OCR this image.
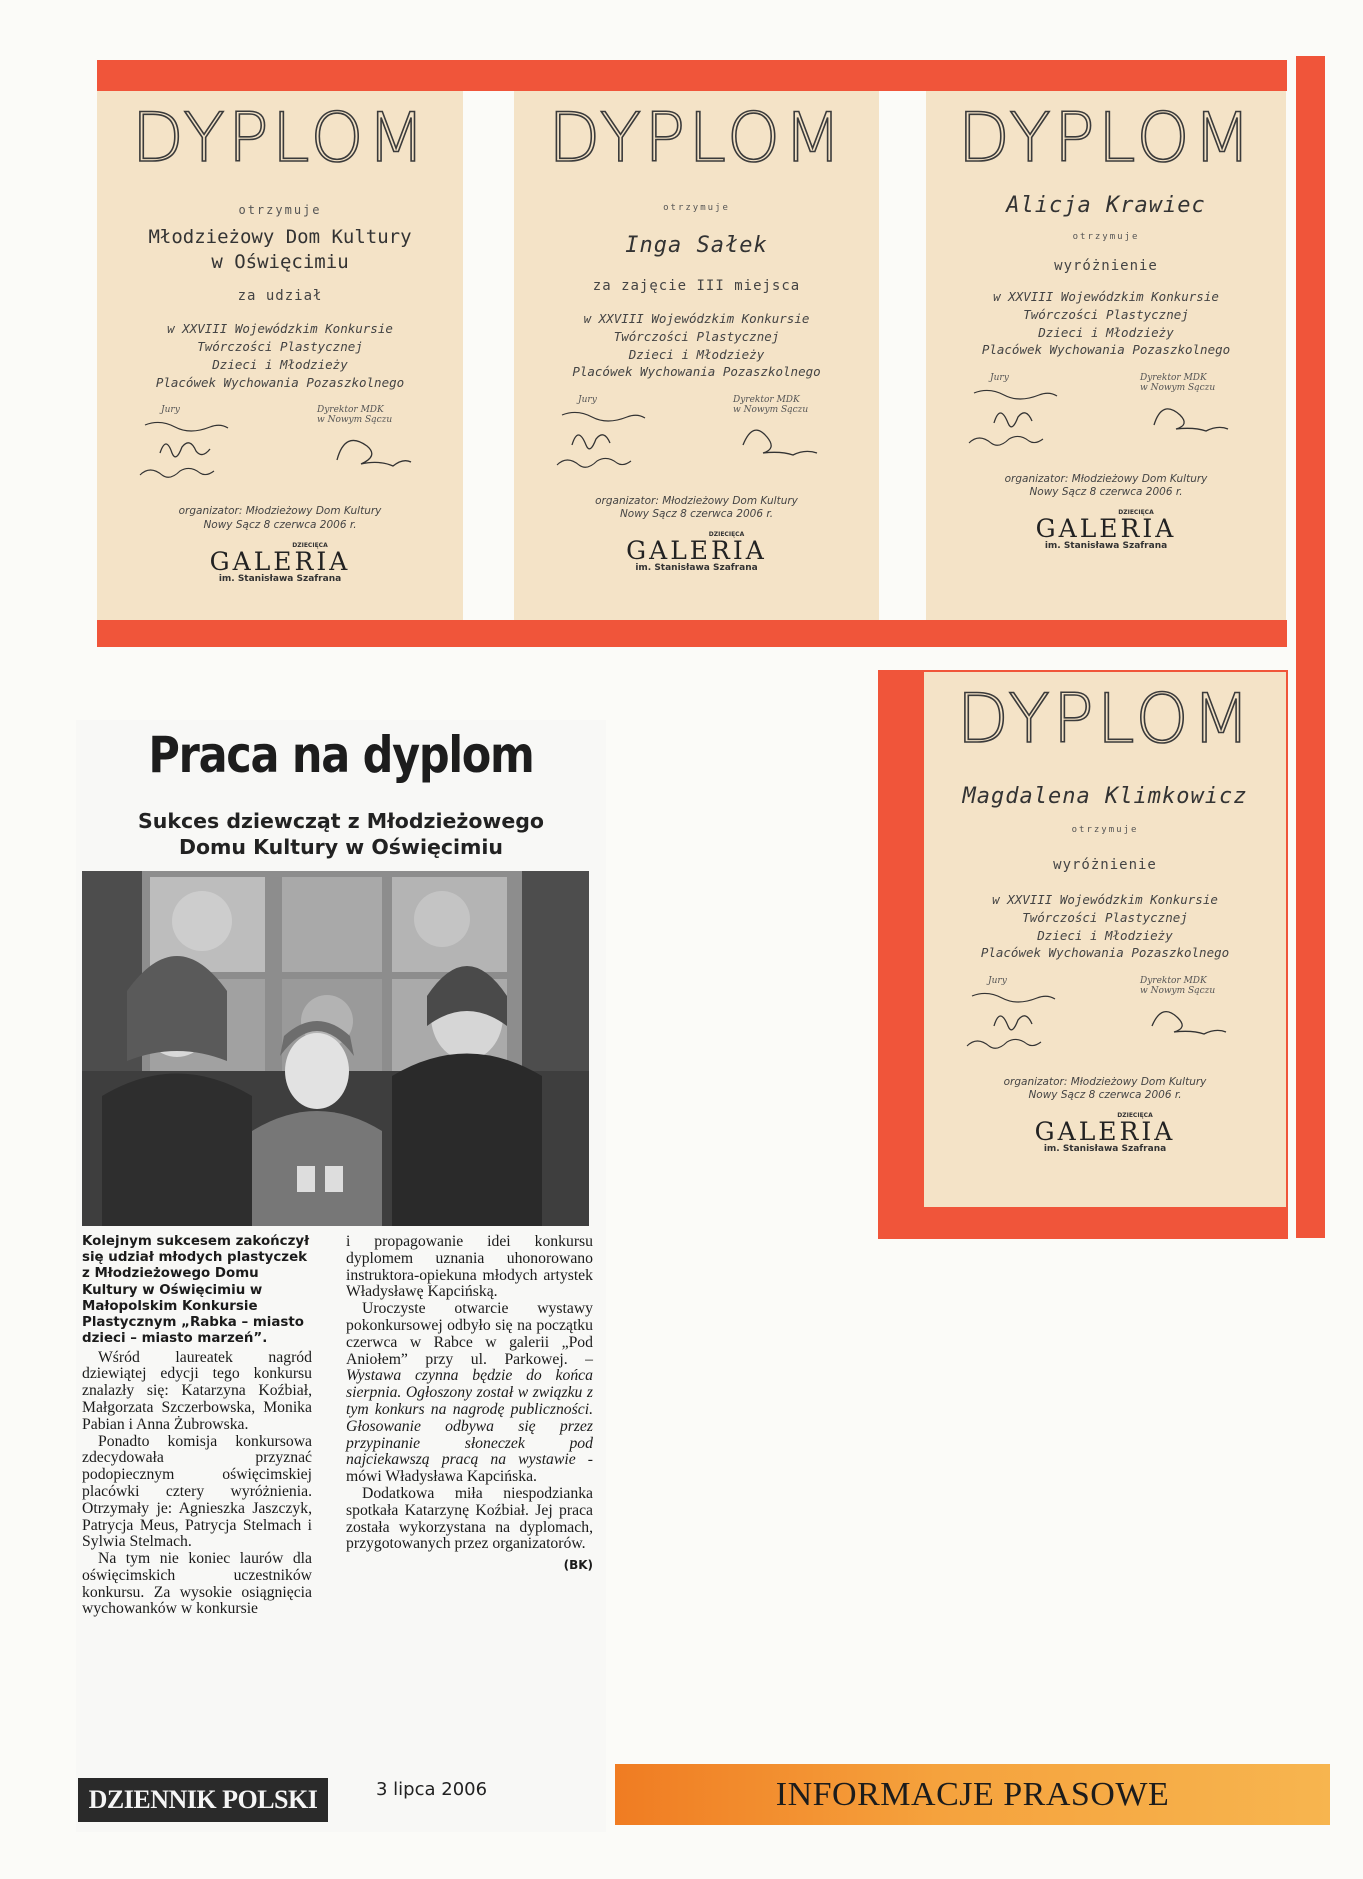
DYPLOM
otrzymuje
Młodzieżowy Dom Kultury
w Oświęcimiu
za udział
w XXVIII Wojewódzkim Konkursie
Twórczości Plastycznej
Dzieci i Młodzieży
Placówek Wychowania Pozaszkolnego
Jury	Dyrektor MDK
w Nowym Sączu
organizator: Młodzieżowy Dom Kultury
Nowy Sącz 8 czerwca 2006 r.
DZIECIĘCA
GALERIA
im. Stanisława Szafrana
DYPLOM
otrzymuje
Inga Sałek
za zajęcie III miejsca
w XXVIII Wojewódzkim Konkursie
Twórczości Plastycznej
Dzieci i Młodzieży
Placówek Wychowania Pozaszkolnego
Jury	Dyrektor MDK
w Nowym Sączu
organizator: Młodzieżowy Dom Kultury
Nowy Sącz 8 czerwca 2006 r.
DZIECIĘCA
GALERIA
im. Stanisława Szafrana
DYPLOM
Alicja Krawiec
otrzymuje
wyróżnienie
w XXVIII Wojewódzkim Konkursie
Twórczości Plastycznej
Dzieci i Młodzieży
Placówek Wychowania Pozaszkolnego
Jury	Dyrektor MDK
w Nowym Sączu
organizator: Młodzieżowy Dom Kultury
Nowy Sącz 8 czerwca 2006 r.
DZIECIĘCA
GALERIA
im. Stanisława Szafrana
DYPLOM
Magdalena Klimkowicz
otrzymuje
wyróżnienie
w XXVIII Wojewódzkim Konkursie
Twórczości Plastycznej
Dzieci i Młodzieży
Placówek Wychowania Pozaszkolnego
Jury	Dyrektor MDK
w Nowym Sączu
organizator: Młodzieżowy Dom Kultury
Nowy Sącz 8 czerwca 2006 r.
DZIECIĘCA
GALERIA
im. Stanisława Szafrana
Praca na dyplom
Sukces dziewcząt z Młodzieżowego
Domu Kultury w Oświęcimiu
Kolejnym sukcesem zakończył się udział młodych plastyczek z Młodzieżowego Domu Kultury w Oświęcimiu w Małopolskim Konkursie Plastycznym „Rabka – miasto dzieci – miasto marzeń”.

Wśród laureatek nagród dziewiątej edycji tego konkursu znalazły się: Katarzyna Koźbiał, Małgorzata Szczerbowska, Monika Pabian i Anna Żubrowska.

Ponadto komisja konkursowa zdecydowała przyznać podopiecznym oświęcimskiej placówki cztery wyróżnienia. Otrzymały je: Agnieszka Jaszczyk, Patrycja Meus, Patrycja Stelmach i Sylwia Stelmach.

Na tym nie koniec laurów dla oświęcimskich uczestników konkursu. Za wysokie osiągnięcia wychowanków w konkursie

i propagowanie idei konkursu dyplomem uznania uhonorowano instruktora-opiekuna młodych artystek Władysławę Kapcińską.

Uroczyste otwarcie wystawy pokonkursowej odbyło się na początku czerwca w Rabce w galerii „Pod Aniołem” przy ul. Parkowej. – Wystawa czynna będzie do końca sierpnia. Ogłoszony został w związku z tym konkurs na nagrodę publiczności. Głosowanie odbywa się przez przypinanie słoneczek pod najciekawszą pracą na wystawie - mówi Władysława Kapcińska.

Dodatkowa miła niespodzianka spotkała Katarzynę Koźbiał. Jej praca została wykorzystana na dyplomach, przygotowanych przez organizatorów.

(BK)
DZIENNIK POLSKI	3 lipca 2006	INFORMACJE PRASOWE
